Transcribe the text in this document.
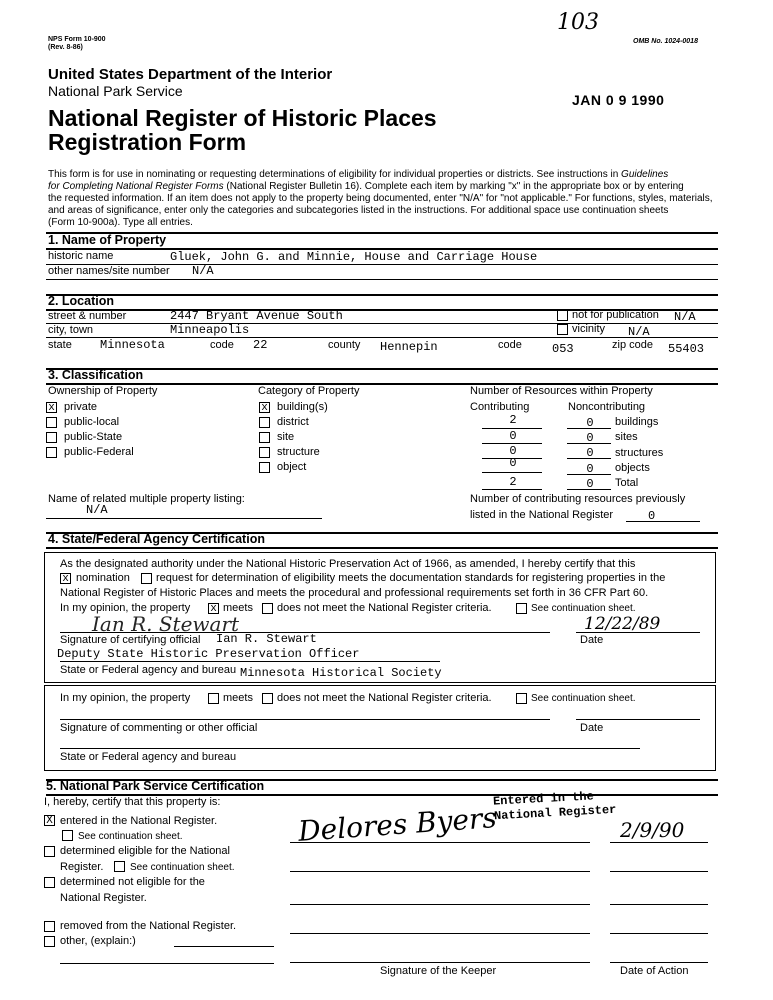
NPS Form 10-900
(Rev. 8-86)
OMB No. 1024-0018
103
United States Department of the Interior
National Park Service
JAN 0 9 1990
National Register of Historic Places
Registration Form
This form is for use in nominating or requesting determinations of eligibility for individual properties or districts. See instructions in Guidelines
for Completing National Register Forms (National Register Bulletin 16). Complete each item by marking "x" in the appropriate box or by entering
the requested information. If an item does not apply to the property being documented, enter "N/A" for "not applicable." For functions, styles, materials,
and areas of significance, enter only the categories and subcategories listed in the instructions. For additional space use continuation sheets
(Form 10-900a). Type all entries.
1. Name of Property
historic name	Gluek, John G. and Minnie, House and Carriage House
other names/site number N/A
2. Location
street & number	2447 Bryant Avenue South	not for publication N/A
city, town	Minneapolis	vicinity N/A
state Minnesota	code 22	county Hennepin	code	053	zip code 55403
3. Classification
Ownership of Property	Category of Property	Number of Resources within Property
x private
public-local
public-State
public-Federal
x building(s)
district
site
structure
object
Contributing	Noncontributing
2	0	buildings
0	0	sites
0	0	structures
0	0	objects
2	0	Total
Name of related multiple property listing:
N/A
Number of contributing resources previously
listed in the National Register	0
4. State/Federal Agency Certification
As the designated authority under the National Historic Preservation Act of 1966, as amended, I hereby certify that this
x nomination request for determination of eligibility meets the documentation standards for registering properties in the
National Register of Historic Places and meets the procedural and professional requirements set forth in 36 CFR Part 60.
In my opinion, the property x meets does not meet the National Register criteria.	See continuation sheet.
Ian R. Stewart	12/22/89
Signature of certifying official Ian R. Stewart	Date
Deputy State Historic Preservation Officer
State or Federal agency and bureau Minnesota Historical Society
In my opinion, the property	meets does not meet the National Register criteria.	See continuation sheet.
Signature of commenting or other official	Date
State or Federal agency and bureau
5. National Park Service Certification
I, hereby, certify that this property is:
X entered in the National Register.
See continuation sheet.
determined eligible for the National
Register.	See continuation sheet.
determined not eligible for the
National Register.
removed from the National Register.
other, (explain:)
Entered in the
National Register
Delores Byers	2/9/90
Signature of the Keeper	Date of Action
